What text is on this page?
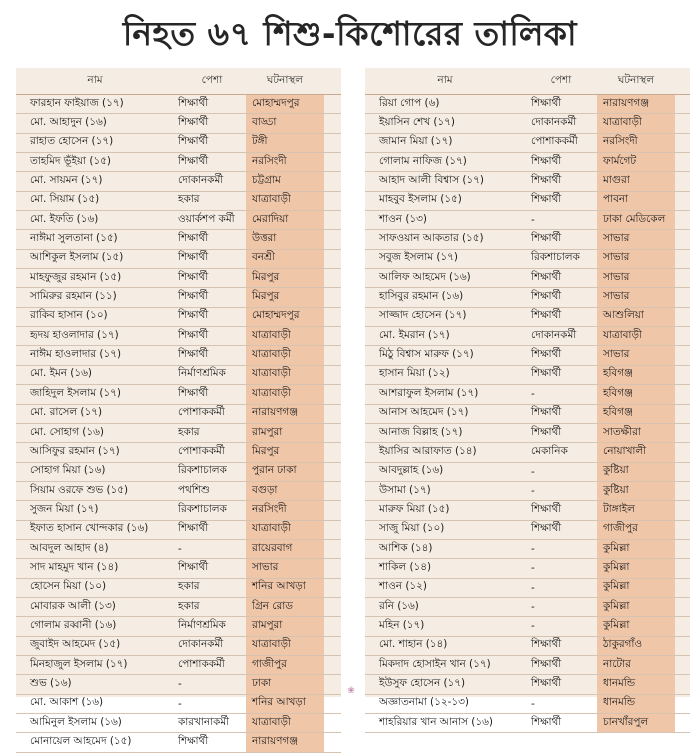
নিহত ৬৭ শিশু-কিশোরের তালিকা
নাম	পেশা	ঘটনাস্থল
ফারহান ফাইয়াজ (১৭)	শিক্ষার্থী	মোহাম্মদপুর
মো. আহাদুন (১৬)	শিক্ষার্থী	বাড্ডা
রাহাত হোসেন (১৭)	শিক্ষার্থী	টঙ্গী
তাহমিদ ভূঁইয়া (১৫)	শিক্ষার্থী	নরসিংদী
মো. সায়মন (১৭)	দোকানকর্মী	চট্টগ্রাম
মো. সিয়াম (১৫)	হকার	যাত্রাবাড়ী
মো. ইফতি (১৬)	ওয়ার্কশপ কর্মী	মেরাদিয়া
নাঈমা সুলতানা (১৫)	শিক্ষার্থী	উত্তরা
আশিকুল ইসলাম (১৫)	শিক্ষার্থী	বনশ্রী
মাহফুজুর রহমান (১৫)	শিক্ষার্থী	মিরপুর
সামিরুর রহমান (১১)	শিক্ষার্থী	মিরপুর
রাকিব হাসান (১০)	শিক্ষার্থী	মোহাম্মদপুর
হৃদয় হাওলাদার (১৭)	শিক্ষার্থী	যাত্রাবাড়ী
নাঈম হাওলাদার (১৭)	শিক্ষার্থী	যাত্রাবাড়ী
মো. ইমন (১৬)	নির্মাণশ্রমিক	যাত্রাবাড়ী
জাহিদুল ইসলাম (১৭)	শিক্ষার্থী	যাত্রাবাড়ী
মো. রাসেল (১৭)	পোশাককর্মী	নারায়ণগঞ্জ
মো. সোহাগ (১৬)	হকার	রামপুরা
আসিফুর রহমান (১৭)	পোশাককর্মী	মিরপুর
সোহাগ মিয়া (১৬)	রিকশাচালক	পুরান ঢাকা
সিয়াম ওরফে শুভ (১৫)	পথশিশু	বগুড়া
সুজন মিয়া (১৭)	রিকশাচালক	নরসিংদী
ইফাত হাসান খোন্দকার (১৬)	শিক্ষার্থী	যাত্রাবাড়ী
আবদুল আহাদ (৪)	-	রায়েরবাগ
সাদ মাহমুদ খান (১৪)	শিক্ষার্থী	সাভার
হোসেন মিয়া (১০)	হকার	শনির আখড়া
মোবারক আলী (১৩)	হকার	গ্রিন রোড
গোলাম রব্বানী (১৬)	নির্মাণশ্রমিক	রামপুরা
জুবাইদ আহমেদ (১৫)	দোকানকর্মী	যাত্রাবাড়ী
মিনহাজুল ইসলাম (১৭)	পোশাককর্মী	গাজীপুর
শুভ (১৬)	-	ঢাকা
মো. আকাশ (১৬)	-	শনির আখড়া
আমিনুল ইসলাম (১৬)	কারখানাকর্মী	যাত্রাবাড়ী
মোনায়েল আহমেদ (১৫)	শিক্ষার্থী	নারায়ণগঞ্জ
নাম	পেশা	ঘটনাস্থল
রিয়া গোপ (৬)	শিক্ষার্থী	নারায়ণগঞ্জ
ইয়াসিন শেখ (১৭)	দোকানকর্মী	যাত্রাবাড়ী
জামান মিয়া (১৭)	পোশাককর্মী	নরসিংদী
গোলাম নাফিজ (১৭)	শিক্ষার্থী	ফার্মগেট
আহাদ আলী বিশ্বাস (১৭)	শিক্ষার্থী	মাগুরা
মাহবুব ইসলাম (১৫)	শিক্ষার্থী	পাবনা
শাওন (১৩)	-	ঢাকা মেডিকেল
সাফওয়ান আকতার (১৫)	শিক্ষার্থী	সাভার
সবুজ ইসলাম (১৭)	রিকশাচালক	সাভার
আলিফ আহমেদ (১৬)	শিক্ষার্থী	সাভার
হাসিবুর রহমান (১৬)	শিক্ষার্থী	সাভার
সাজ্জাদ হোসেন (১৭)	শিক্ষার্থী	আশুলিয়া
মো. ইমরান (১৭)	দোকানকর্মী	যাত্রাবাড়ী
মিঠু বিশ্বাস মারুফ (১৭)	শিক্ষার্থী	সাভার
হাসান মিয়া (১২)	শিক্ষার্থী	হবিগঞ্জ
আশরাফুল ইসলাম (১৭)	-	হবিগঞ্জ
আনাস আহমেদ (১৭)	শিক্ষার্থী	হবিগঞ্জ
আনাজ বিল্লাহ (১৭)	শিক্ষার্থী	সাতক্ষীরা
ইয়াসির আরাফাত (১৪)	মেকানিক	নোয়াখালী
আবদুল্লাহ (১৬)	-	কুষ্টিয়া
উসামা (১৭)	-	কুষ্টিয়া
মারুফ মিয়া (১৫)	শিক্ষার্থী	টাঙ্গাইল
সাজু মিয়া (১০)	শিক্ষার্থী	গাজীপুর
আশিক (১৪)	-	কুমিল্লা
শাকিল (১৪)	-	কুমিল্লা
শাওন (১২)	-	কুমিল্লা
রনি (১৬)	-	কুমিল্লা
মহিন (১৭)	-	কুমিল্লা
মো. শাহান (১৪)	শিক্ষার্থী	ঠাকুরগাঁও
মিকদাদ হোসাইন খান (১৭)	শিক্ষার্থী	নাটোর
ইউসুফ হোসেন (১৭)	শিক্ষার্থী	ধানমন্ডি
অজ্ঞাতনামা (১২-১৩)	-	ধানমন্ডি
শাহরিয়ার খান আনাস (১৬)	শিক্ষার্থী	চানখাঁরপুল
❀
